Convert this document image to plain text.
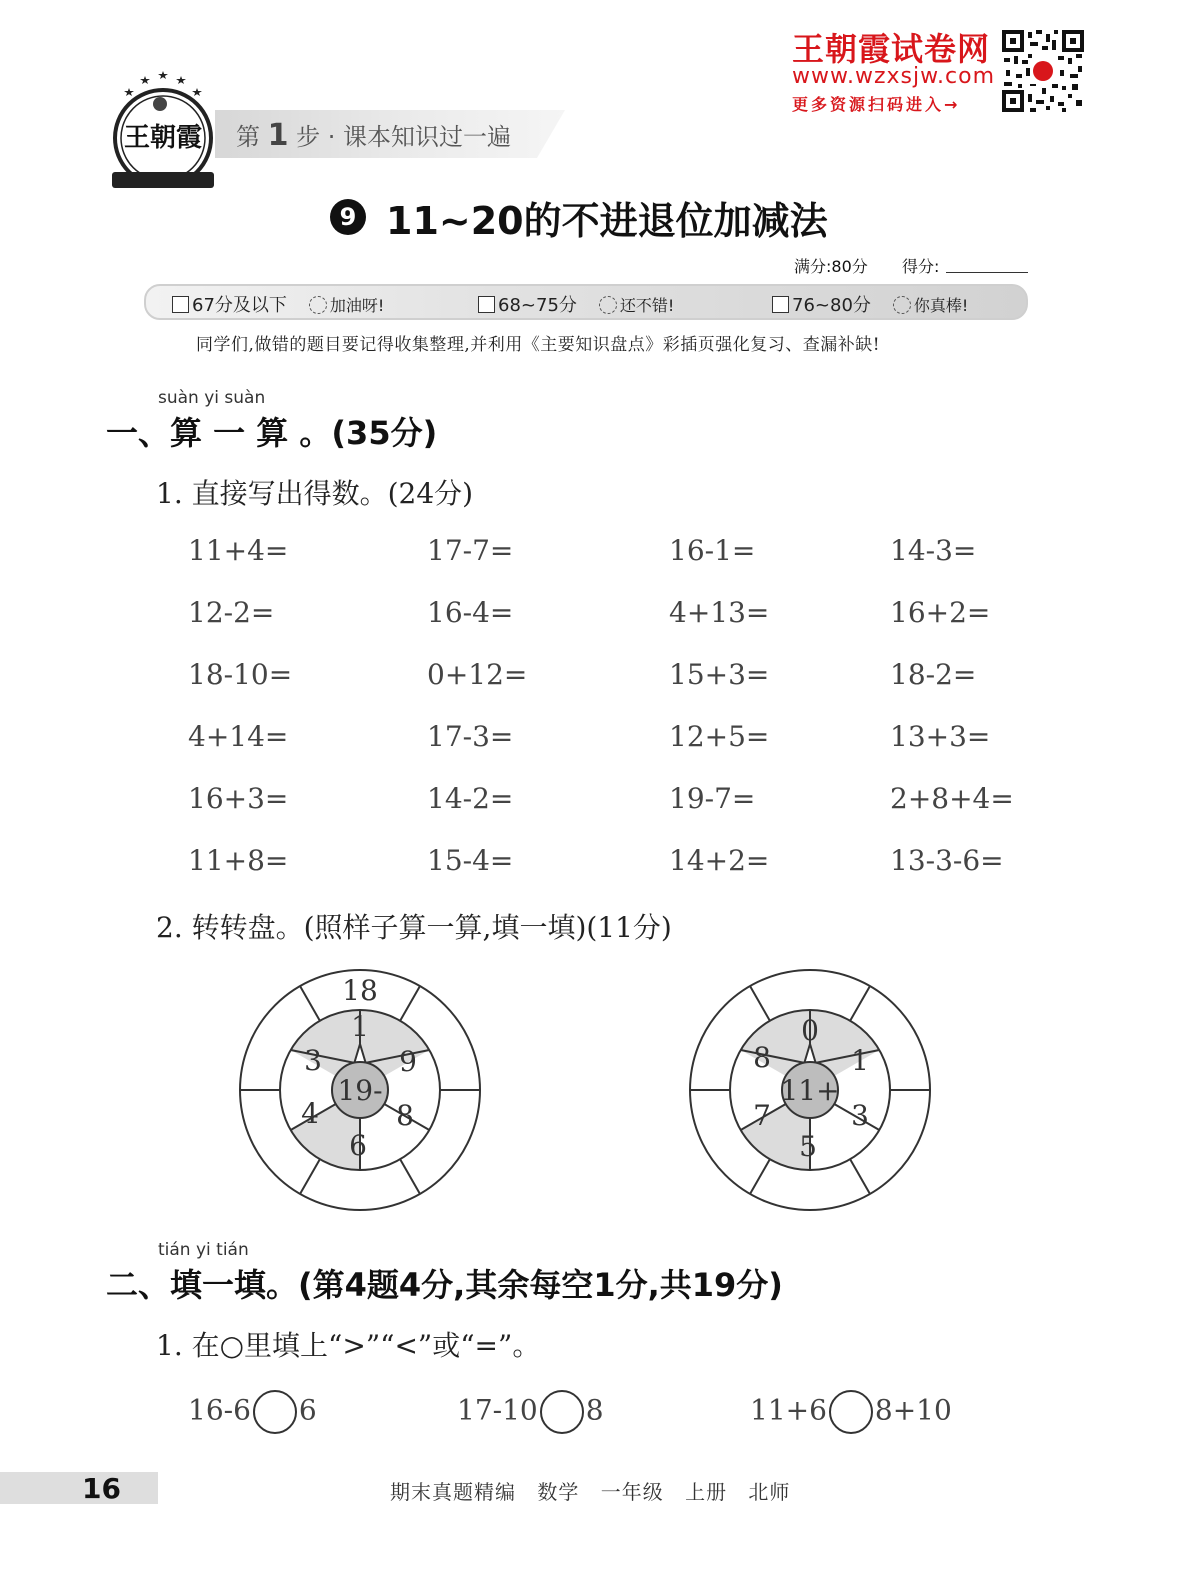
王朝霞试卷网
www.wzxsjw.com
更多资源扫码进入→
王朝霞 第 1 步 · 课本知识过一遍
9 11~20的不进退位加减法
满分:80分 得分:
67分及以下	加油呀!	68~75分	还不错!	76~80分	你真棒!
同学们,做错的题目要记得收集整理,并利用《主要知识盘点》彩插页强化复习、查漏补缺!
suàn yi suàn
一、算 一 算 。(35分)
1. 直接写出得数。(24分)
11+4=	17-7=	16-1=	14-3=
12-2=	16-4=	4+13=	16+2=
18-10=	0+12=	15+3=	18-2=
4+14=	17-3=	12+5=	13+3=
16+3=	14-2=	19-7=	2+8+4=
11+8=	15-4=	14+2=	13-3-6=
2. 转转盘。(照样子算一算,填一填)(11分)
19-
18
1
9
8
6
4
3
11+
0
1
3
5
7
8
tián yi tián
二、填一填。(第4题4分,其余每空1分,共19分)
1. 在○里填上“>”“<”或“=”。
16-6 6	17-10 8	11+6 8+10
16	期末真题精编 数学 一年级 上册 北师
